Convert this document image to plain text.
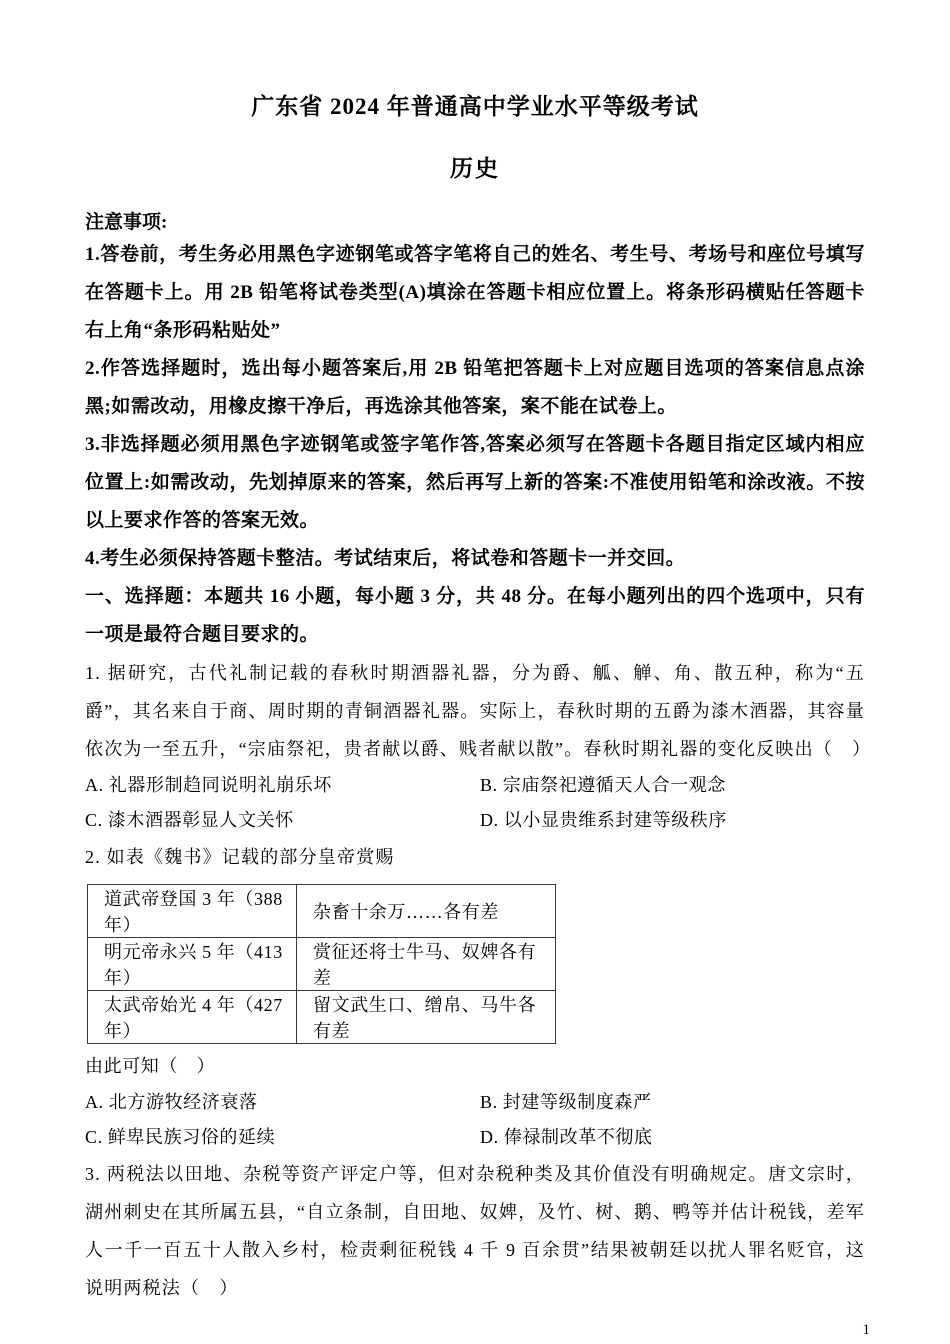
广东省 2024 年普通高中学业水平等级考试
历史
注意事项:

1.答卷前，考生务必用黑色字迹钢笔或答字笔将自己的姓名、考生号、考场号和座位号填写在答题卡上。用 2B 铅笔将试卷类型(A)填涂在答题卡相应位置上。将条形码横贴任答题卡右上角“条形码粘贴处”

2.作答选择题时，选出每小题答案后,用 2B 铅笔把答题卡上对应题目选项的答案信息点涂黑;如需改动，用橡皮擦干净后，再选涂其他答案，案不能在试卷上。

3.非选择题必须用黑色字迹钢笔或签字笔作答,答案必须写在答题卡各题目指定区域内相应位置上:如需改动，先划掉原来的答案，然后再写上新的答案:不准使用铅笔和涂改液。不按以上要求作答的答案无效。

4.考生必须保持答题卡整洁。考试结束后，将试卷和答题卡一并交回。

一、选择题：本题共 16 小题，每小题 3 分，共 48 分。在每小题列出的四个选项中，只有一项是最符合题目要求的。

1. 据研究，古代礼制记载的春秋时期酒器礼器，分为爵、觚、觯、角、散五种，称为“五爵”，其名来自于商、周时期的青铜酒器礼器。实际上，春秋时期的五爵为漆木酒器，其容量依次为一至五升，“宗庙祭祀，贵者献以爵、贱者献以散”。春秋时期礼器的变化反映出（　）

A. 礼器形制趋同说明礼崩乐坏	B. 宗庙祭祀遵循天人合一观念
C. 漆木酒器彰显人文关怀	D. 以小显贵维系封建等级秩序

2. 如表《魏书》记载的部分皇帝赏赐

道武帝登国 3 年（388 年）	杂畜十余万……各有差
明元帝永兴 5 年（413 年）	赏征还将士牛马、奴婢各有差
太武帝始光 4 年（427 年）	留文武生口、缯帛、马牛各有差

由此可知（　）

A. 北方游牧经济衰落	B. 封建等级制度森严
C. 鲜卑民族习俗的延续	D. 俸禄制改革不彻底

3. 两税法以田地、杂税等资产评定户等，但对杂税种类及其价值没有明确规定。唐文宗时，湖州刺史在其所属五县，“自立条制，自田地、奴婢，及竹、树、鹅、鸭等并估计税钱，差军人一千一百五十人散入乡村，检责剩征税钱 4 千 9 百余贯”结果被朝廷以扰人罪名贬官，这说明两税法（　）

1
